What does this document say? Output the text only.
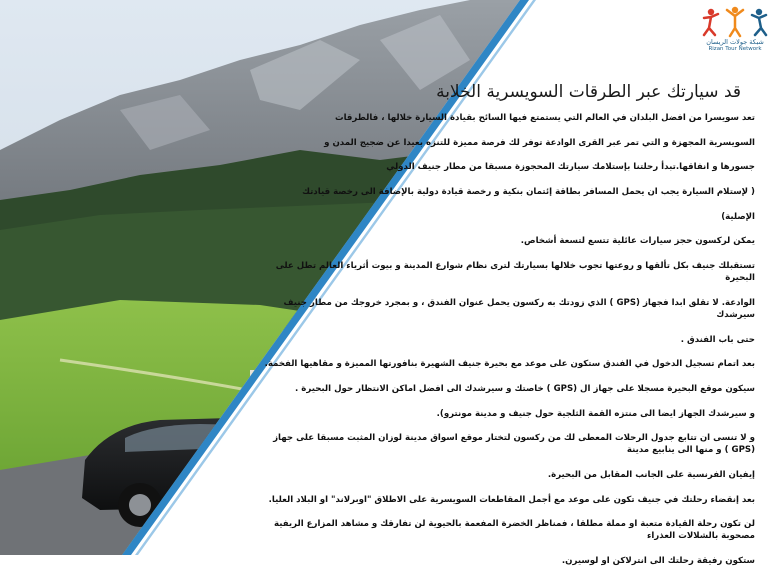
شبكة جولات الريسان
Rizan Tour Network
قد سيارتك عبر الطرقات السويسرية الخلابة

تعد سويسرا من افضل البلدان في العالم التي يستمتع فيها السائح بقيادة السيارة خلالها ، فالطرقات

السويسرية المجهزة و التي تمر عبر القرى الوادعة توفر لك فرصة مميزة للتنزه بعيدا عن ضجيج المدن و

جسورها و انفاقها.تبدأ رحلتنا بإستلامك سيارتك المحجوزة مسبقا من مطار جنيف الدولي

( لإستلام السيارة يجب ان يحمل المسافر بطاقة إئتمان بنكية و رخصة قيادة دولية بالإضافة الى رخصة قيادتك

الإصلية)

يمكن لركسون حجز سيارات عائلية تتسع لتسعة أشخاص.

تستقبلك جنيف بكل تألقها و روعتها تجوب خلالها بسيارتك لترى نظام شوارع المدينة و بيوت أثرياء العالم تطل على البحيرة

الوادعة. لا تقلق ابدا فجهاز (GPS ) الذي زودتك به ركسون يحمل عنوان الفندق ، و بمجرد خروجك من مطار جنيف سيرشدك

حتى باب الفندق .

بعد اتمام تسجيل الدخول في الفندق ستكون على موعد مع بحيرة جنيف الشهيرة بنافورتها المميزة و مقاهيها الفخمة.

سيكون موقع البحيرة مسجلا على جهاز ال (GPS ) خاصتك و سيرشدك الى افضل اماكن الانتظار حول البحيرة .

و سيرشدك الجهاز ايضا الى منتزه القمة الثلجية حول جنيف و مدينة مونترو).

و لا تنسى ان تتابع جدول الرحلات المعطى لك من ركسون لتختار موقع اسواق مدينة لوزان المثبت مسبقا على جهاز (GPS ) و منها الى ينابيع مدينة

إيفيان الفرنسية على الجانب المقابل من البحيرة.

بعد إنقضاء رحلتك في جنيف تكون على موعد مع أجمل المقاطعات السويسرية على الاطلاق "اوبرلاند" او البلاد العليا.

لن تكون رحلة القيادة متعبة او مملة مطلقا ، فمناظر الخضرة المفعمة بالحيوية لن تفارقك و مشاهد المزارع الريفية مصحوبة بالشلالات العذراء

ستكون رفيقة رحلتك الى انترلاكن او لوسيرن.
